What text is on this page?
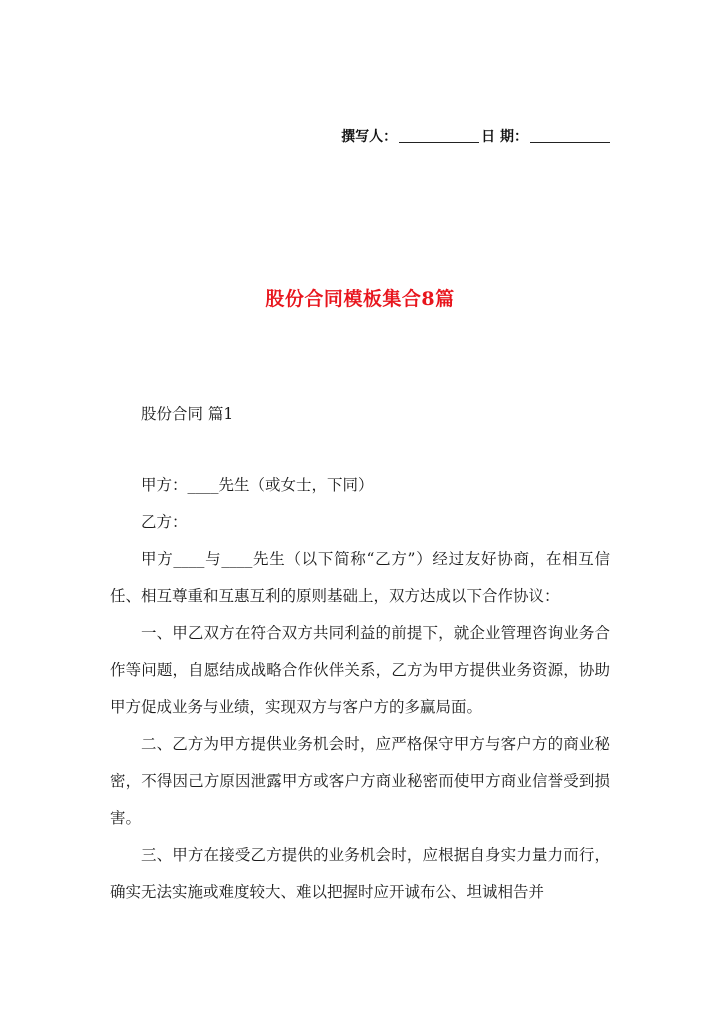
撰写人：	日 期：
股份合同模板集合8篇

股份合同 篇1

甲方：____先生（或女士，下同）

乙方：

甲方____与____先生（以下简称“乙方”）经过友好协商，在相互信任、相互尊重和互惠互利的原则基础上，双方达成以下合作协议：

一、甲乙双方在符合双方共同利益的前提下，就企业管理咨询业务合作等问题，自愿结成战略合作伙伴关系，乙方为甲方提供业务资源，协助甲方促成业务与业绩，实现双方与客户方的多赢局面。

二、乙方为甲方提供业务机会时，应严格保守甲方与客户方的商业秘密，不得因己方原因泄露甲方或客户方商业秘密而使甲方商业信誉受到损害。

三、甲方在接受乙方提供的业务机会时，应根据自身实力量力而行，确实无法实施或难度较大、难以把握时应开诚布公、坦诚相告并
